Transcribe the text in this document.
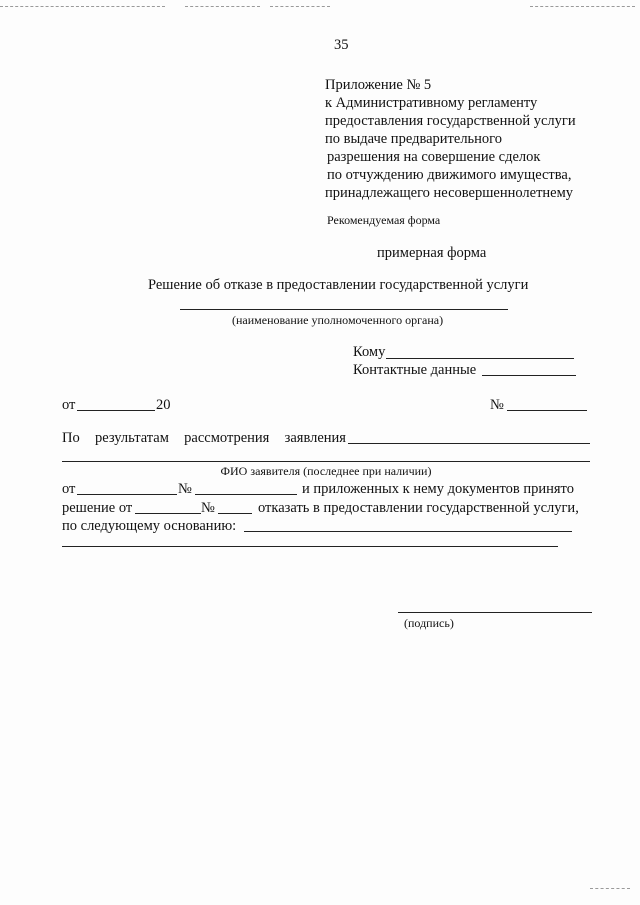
35
Приложение № 5
к Административному регламенту
предоставления государственной услуги
по выдаче предварительного
разрешения на совершение сделок
по отчуждению движимого имущества,
принадлежащего несовершеннолетнему
Рекомендуемая форма
примерная форма
Решение об отказе в предоставлении государственной услуги
(наименование уполномоченного органа)
Кому
Контактные данные
от	20	№
По результатам рассмотрения заявления
ФИО заявителя (последнее при наличии)
от	№	и приложенных к нему документов принято
решение от	№	отказать в предоставлении государственной услуги,
по следующему основанию:
(подпись)
